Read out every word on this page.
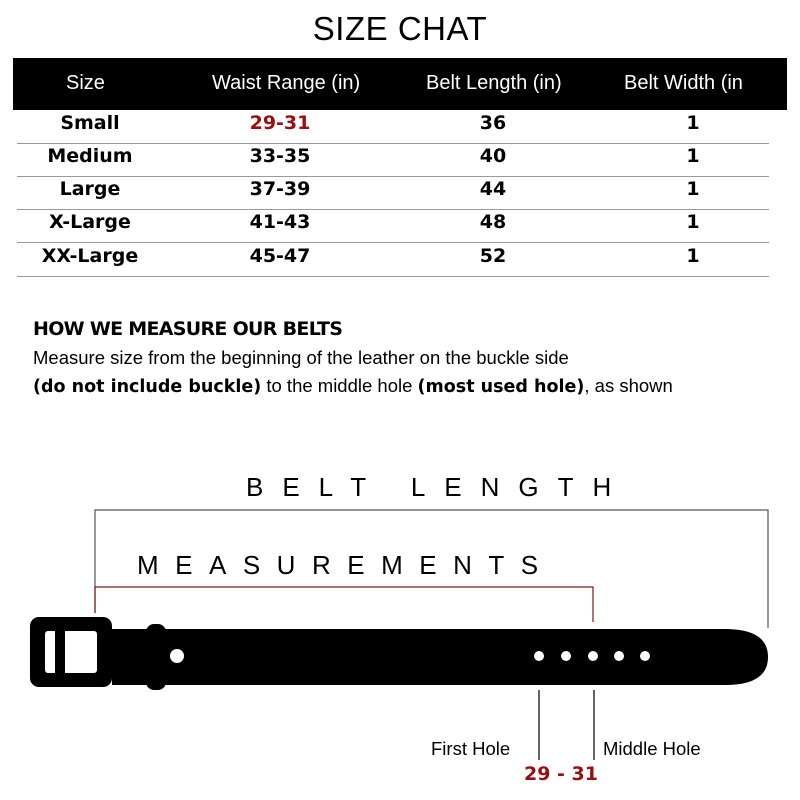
SIZE CHAT
Size	Waist Range (in)	Belt Length (in)	Belt Width (in
Small	29-31	36	1
Medium	33-35	40	1
Large	37-39	44	1
X-Large	41-43	48	1
XX-Large	45-47	52	1
HOW WE MEASURE OUR BELTS
Measure size from the beginning of the leather on the buckle side
(do not include buckle) to the middle hole (most used hole), as shown
BELT LENGTH
MEASUREMENTS
First Hole	Middle Hole
29 - 31
